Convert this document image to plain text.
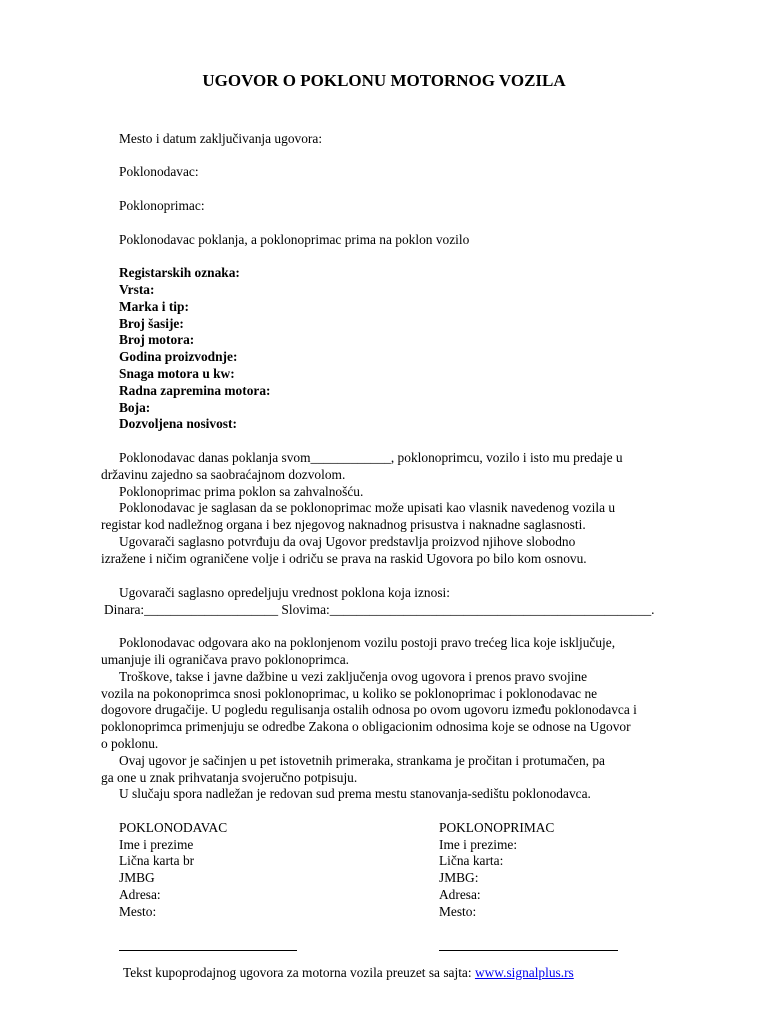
UGOVOR O POKLONU MOTORNOG VOZILA
Mesto i datum zaključivanja ugovora:
Poklonodavac:
Poklonoprimac:
Poklonodavac poklanja, a poklonoprimac prima na poklon vozilo
Registarskih oznaka:
Vrsta:
Marka i tip:
Broj šasije:
Broj motora:
Godina proizvodnje:
Snaga motora u kw:
Radna zapremina motora:
Boja:
Dozvoljena nosivost:
Poklonodavac danas poklanja svom____________, poklonoprimcu, vozilo i isto mu predaje u
državinu zajedno sa saobraćajnom dozvolom.
Poklonoprimac prima poklon sa zahvalnošću.
Poklonodavac je saglasan da se poklonoprimac može upisati kao vlasnik navedenog vozila u
registar kod nadležnog organa i bez njegovog naknadnog prisustva i naknadne saglasnosti.
Ugovarači saglasno potvrđuju da ovaj Ugovor predstavlja proizvod njihove slobodno
izražene i ničim ograničene volje i odriču se prava na raskid Ugovora po bilo kom osnovu.
Ugovarači saglasno opredeljuju vrednost poklona koja iznosi:
Dinara:____________________ Slovima:________________________________________________.
Poklonodavac odgovara ako na poklonjenom vozilu postoji pravo trećeg lica koje isključuje,
umanjuje ili ograničava pravo poklonoprimca.
Troškove, takse i javne dažbine u vezi zaključenja ovog ugovora i prenos pravo svojine
vozila na pokonoprimca snosi poklonoprimac, u koliko se poklonoprimac i poklonodavac ne
dogovore drugačije. U pogledu regulisanja ostalih odnosa po ovom ugovoru između poklonodavca i
poklonoprimca primenjuju se odredbe Zakona o obligacionim odnosima koje se odnose na Ugovor
o poklonu.
Ovaj ugovor je sačinjen u pet istovetnih primeraka, strankama je pročitan i protumačen, pa
ga one u znak prihvatanja svojeručno potpisuju.
U slučaju spora nadležan je redovan sud prema mestu stanovanja-sedištu poklonodavca.
POKLONODAVAC
Ime i prezime
Lična karta br
JMBG
Adresa:
Mesto:
POKLONOPRIMAC
Ime i prezime:
Lična karta:
JMBG:
Adresa:
Mesto:
Tekst kupoprodajnog ugovora za motorna vozila preuzet sa sajta: www.signalplus.rs
